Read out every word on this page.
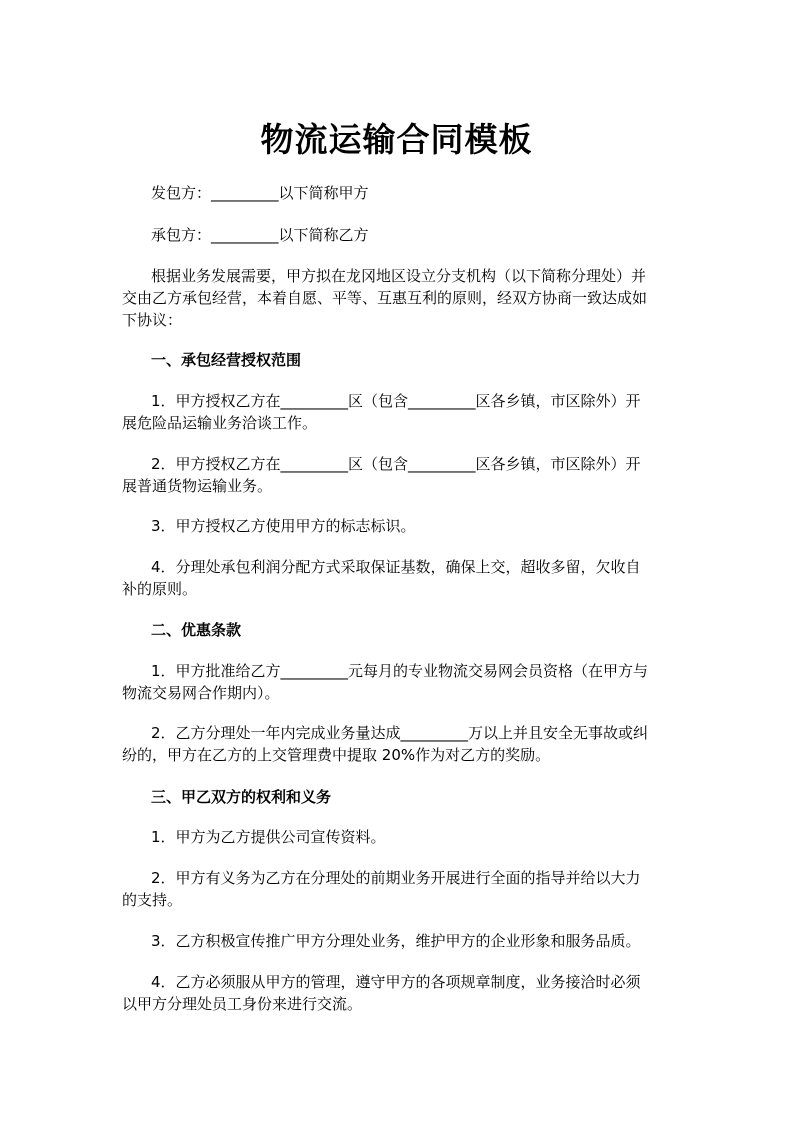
物流运输合同模板
发包方：_________以下简称甲方
承包方：_________以下简称乙方
根据业务发展需要，甲方拟在龙冈地区设立分支机构（以下简称分理处）并
交由乙方承包经营，本着自愿、平等、互惠互利的原则，经双方协商一致达成如
下协议：
一、承包经营授权范围
1．甲方授权乙方在_________区（包含_________区各乡镇，市区除外）开
展危险品运输业务洽谈工作。
2．甲方授权乙方在_________区（包含_________区各乡镇，市区除外）开
展普通货物运输业务。
3．甲方授权乙方使用甲方的标志标识。
4．分理处承包利润分配方式采取保证基数，确保上交，超收多留，欠收自
补的原则。
二、优惠条款
1．甲方批准给乙方_________元每月的专业物流交易网会员资格（在甲方与
物流交易网合作期内）。
2．乙方分理处一年内完成业务量达成_________万以上并且安全无事故或纠
纷的，甲方在乙方的上交管理费中提取 20%作为对乙方的奖励。
三、甲乙双方的权利和义务
1．甲方为乙方提供公司宣传资料。
2．甲方有义务为乙方在分理处的前期业务开展进行全面的指导并给以大力
的支持。
3．乙方积极宣传推广甲方分理处业务，维护甲方的企业形象和服务品质。
4．乙方必须服从甲方的管理，遵守甲方的各项规章制度，业务接洽时必须
以甲方分理处员工身份来进行交流。
